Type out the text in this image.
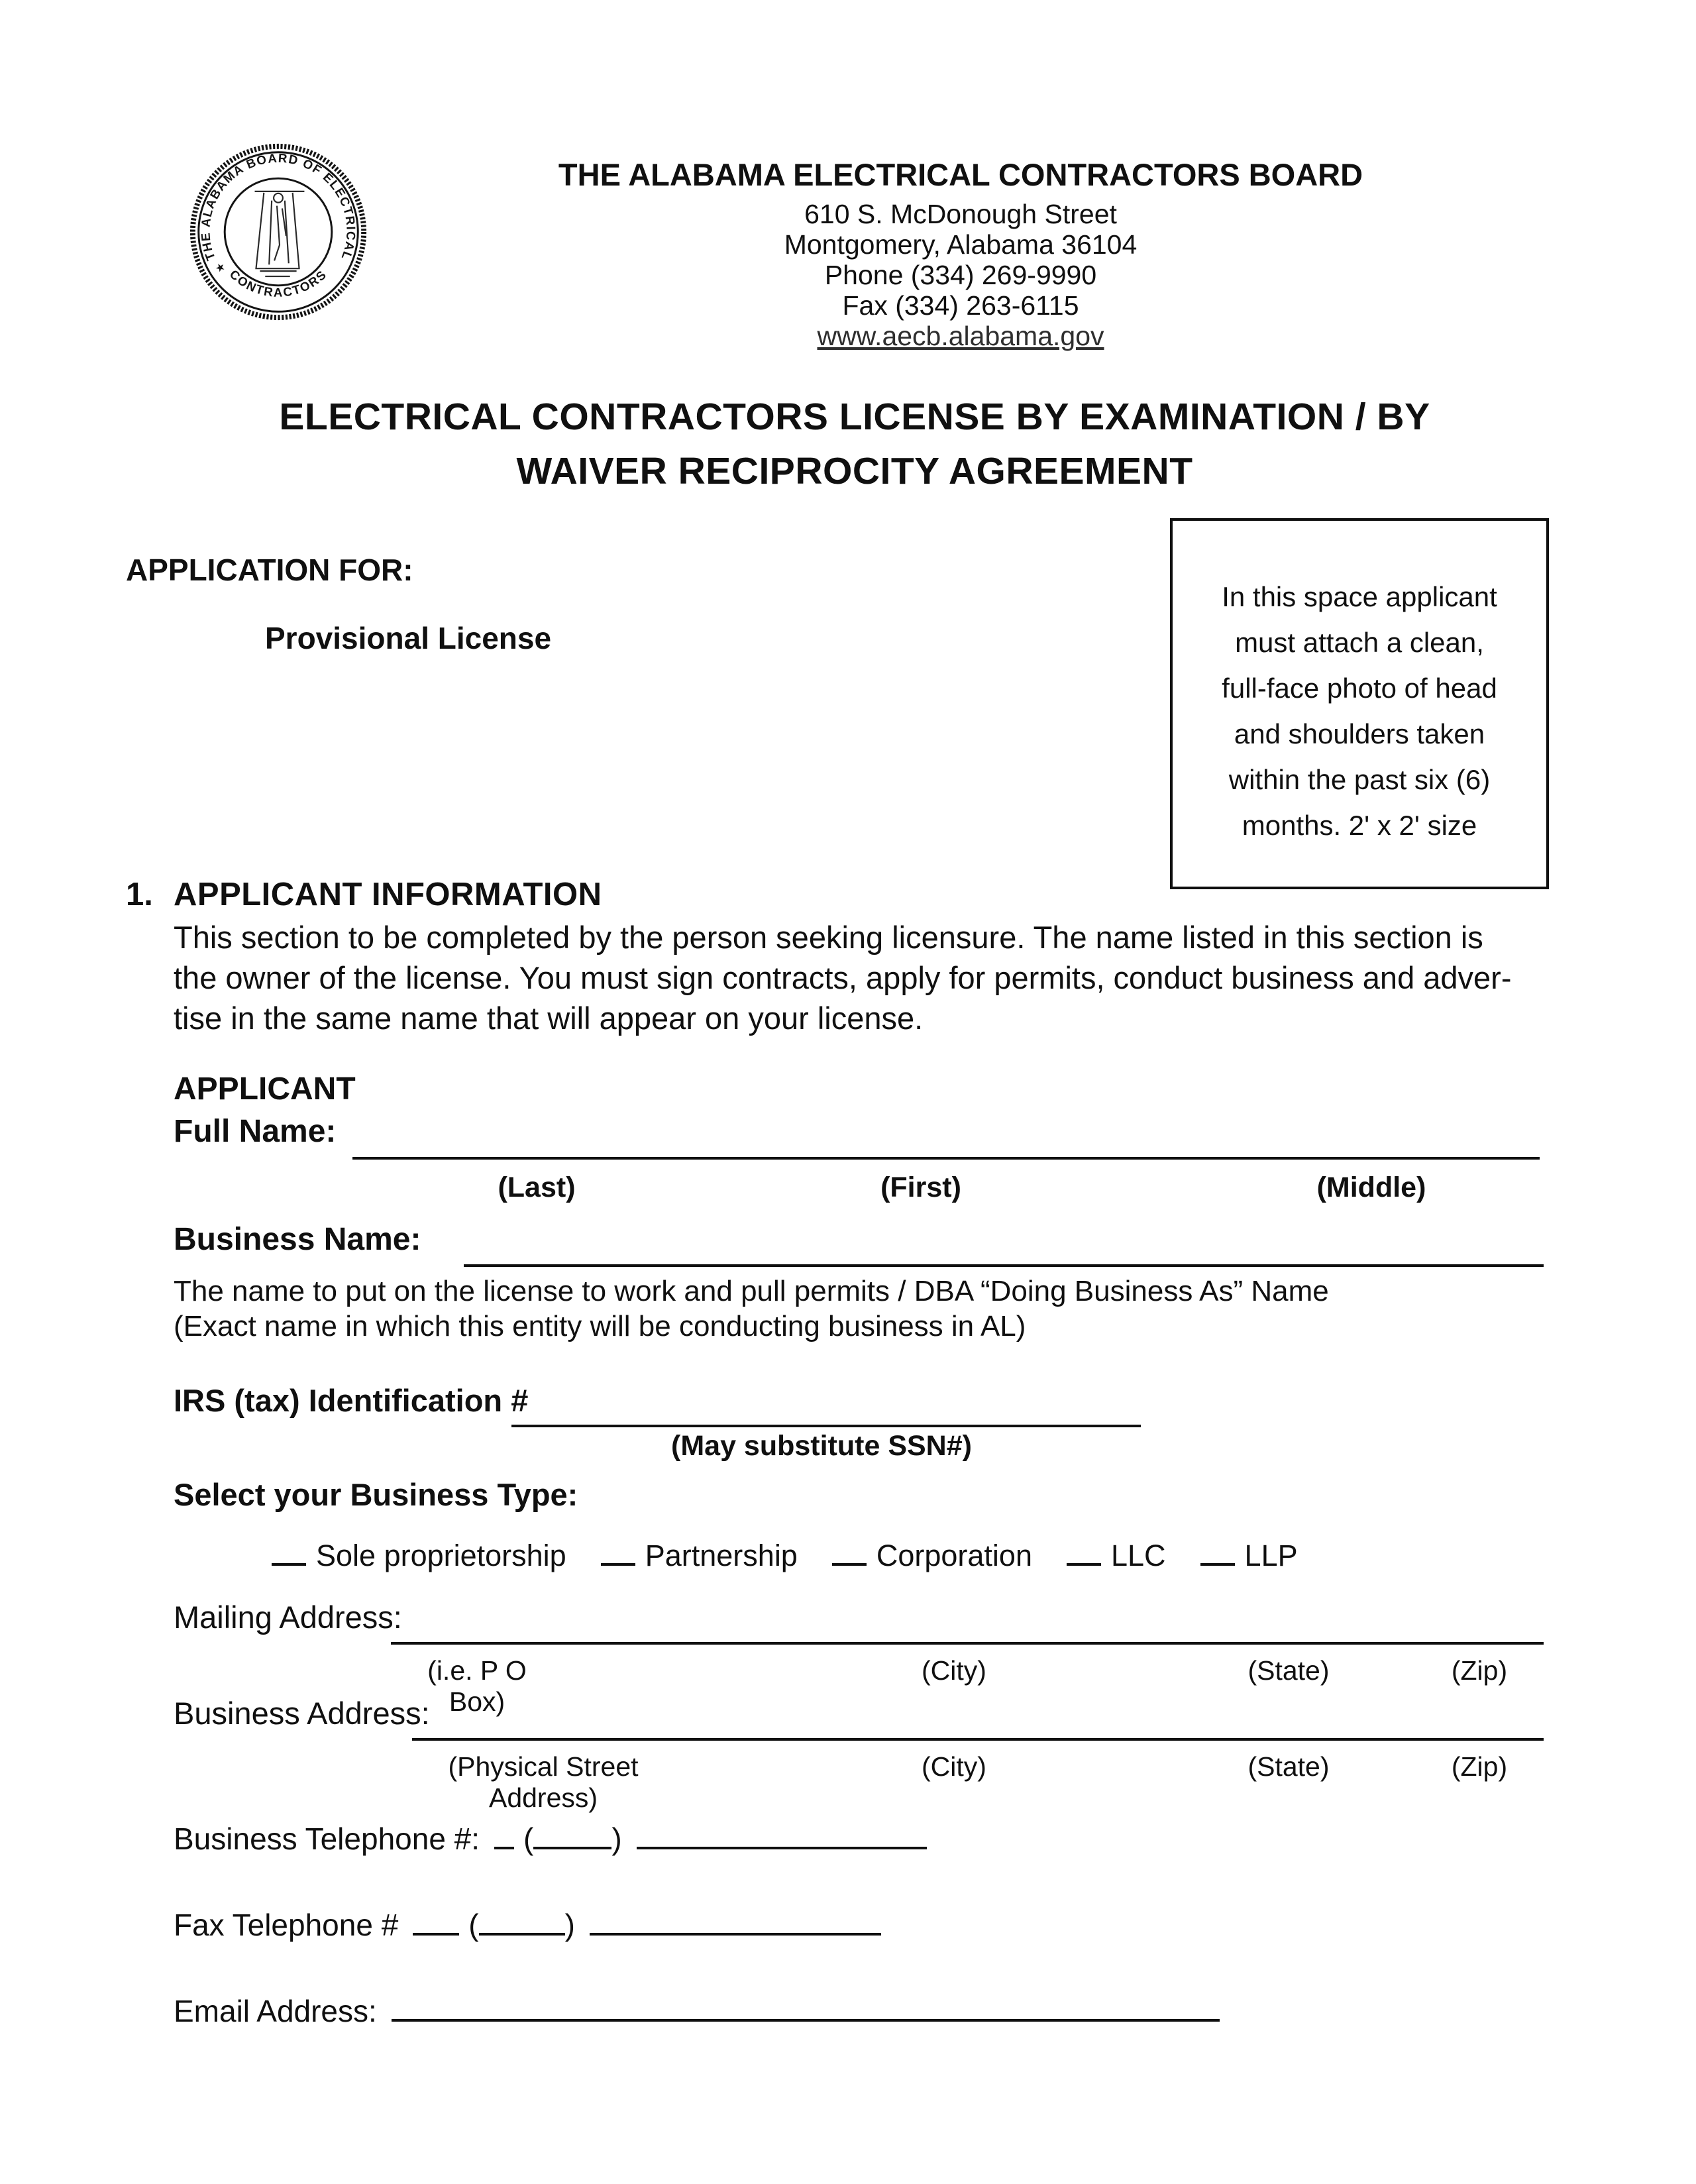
THE ALABAMA BOARD OF ELECTRICAL
CONTRACTORS
★
THE ALABAMA ELECTRICAL CONTRACTORS BOARD
610 S. McDonough Street
Montgomery, Alabama 36104
Phone (334) 269-9990
Fax (334) 263-6115
www.aecb.alabama.gov
ELECTRICAL CONTRACTORS LICENSE BY EXAMINATION / BY
WAIVER RECIPROCITY AGREEMENT
APPLICATION FOR:
Provisional License
In this space applicant
must attach a clean,
full-face photo of head
and shoulders taken
within the past six (6)
months. 2' x 2' size
1. APPLICANT INFORMATION
This section to be completed by the person seeking licensure. The name listed in this section is
the owner of the license. You must sign contracts, apply for permits, conduct business and adver-
tise in the same name that will appear on your license.
APPLICANT
Full Name:
(Last)	(First)	(Middle)
Business Name:
The name to put on the license to work and pull permits / DBA “Doing Business As” Name
(Exact name in which this entity will be conducting business in AL)
IRS (tax) Identification #
(May substitute SSN#)
Select your Business Type:
Sole proprietorship	Partnership	Corporation	LLC	LLP
Mailing Address:
(i.e. P O Box)
(City)	(State)	(Zip)
Business Address:
(Physical Street Address)
(City)	(State)	(Zip)
Business Telephone #: (	)
Fax Telephone # (	)
Email Address:
